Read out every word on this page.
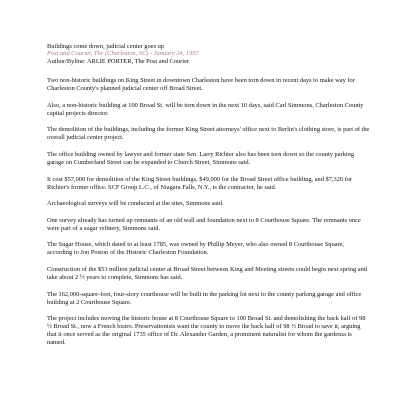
Buildings come down, judicial center goes up
Post and Courier, The (Charleston, SC) - January 24, 1997
Author/Byline: ARLIE PORTER, The Post and Courier

Two non-historic buildings on King Street in downtown Charleston have been torn down in recent days to make way for Charleston County's planned judicial center off Broad Street.

Also, a non-historic building at 100 Broad St. will be torn down in the next 10 days, said Carl Simmons, Charleston County capital projects director.

The demolition of the buildings, including the former King Street attorneys' office next to Berlin's clothing store, is part of the overall judicial center project.

The office building owned by lawyer and former state Sen. Larry Richter also has been torn down so the county parking garage on Cumberland Street can be expanded to Church Street, Simmons said.

It cost $57,000 for demolition of the King Street buildings, $49,000 for the Broad Street office building, and $7,320 for Richter's former office. SCF Group L.C., of Niagara Falls, N.Y., is the contractor, he said.

Archaeological surveys will be conducted at the sites, Simmons said.

One survey already has turned up remnants of an old wall and foundation next to 8 Courthouse Square. The remnants once were part of a sugar refinery, Simmons said.

The Sugar House, which dated to at least 1785, was owned by Phillip Meyer, who also owned 8 Courthouse Square, according to Jon Poston of the Historic Charleston Foundation.

Construction of the $53 million judicial center at Broad Street between King and Meeting streets could begin next spring and take about 2 ½ years to complete, Simmons has said.

The 162,000-square-foot, four-story courthouse will be built in the parking lot next to the county parking garage and office building at 2 Courthouse Square.

The project includes moving the historic house at 8 Courthouse Square to 100 Broad St. and demolishing the back half of 98 ½ Broad St., now a French bistro. Preservationists want the county to move the back half of 98 ½ Broad to save it, arguing that it once served as the original 1735 office of Dr. Alexander Garden, a prominent naturalist for whom the gardenia is named.
